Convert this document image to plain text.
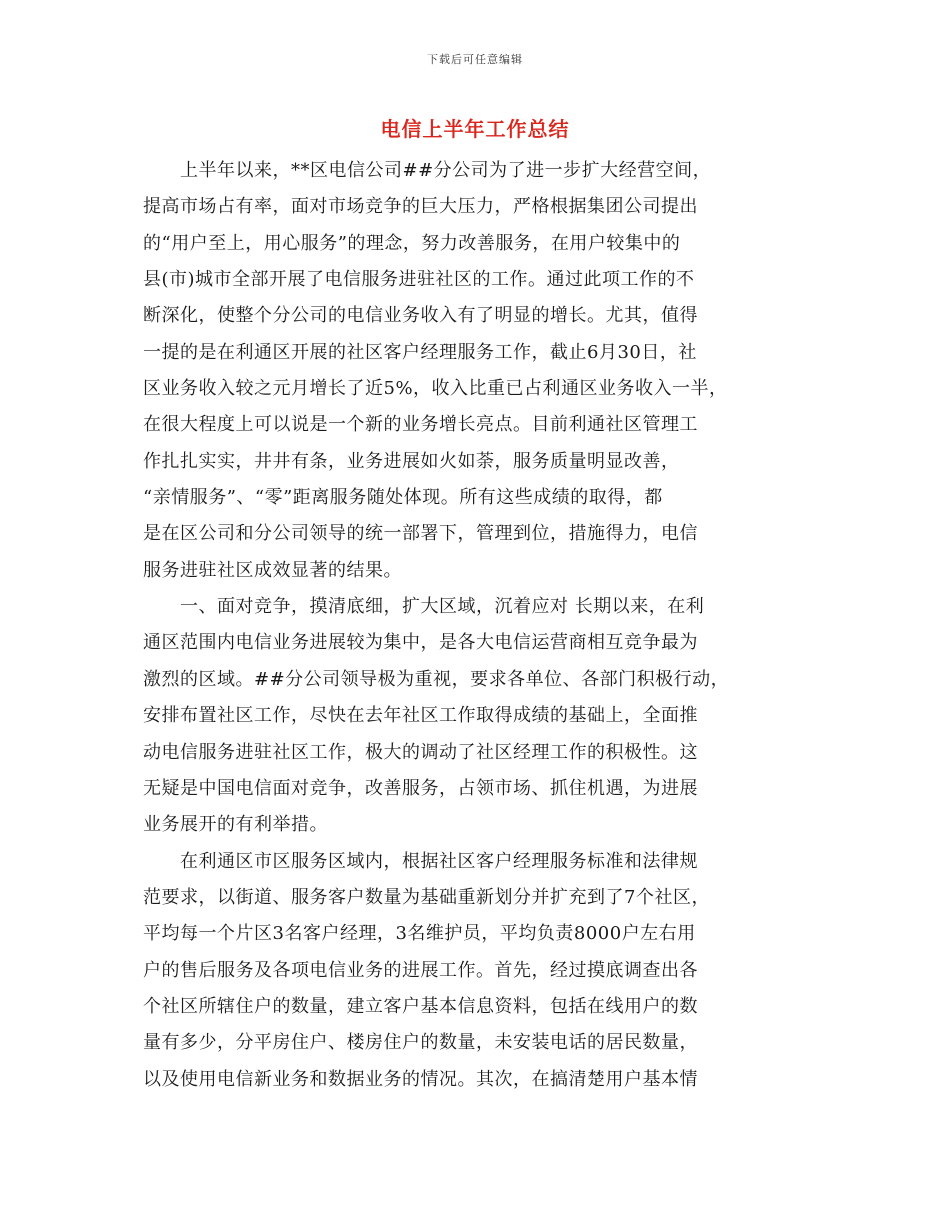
下载后可任意编辑
电信上半年工作总结
　　上半年以来，**区电信公司##分公司为了进一步扩大经营空间，
提高市场占有率，面对市场竞争的巨大压力，严格根据集团公司提出
的“用户至上，用心服务”的理念，努力改善服务，在用户较集中的
县(市)城市全部开展了电信服务进驻社区的工作。通过此项工作的不
断深化，使整个分公司的电信业务收入有了明显的增长。尤其，值得
一提的是在利通区开展的社区客户经理服务工作，截止6月30日，社
区业务收入较之元月增长了近5%，收入比重已占利通区业务收入一半，
在很大程度上可以说是一个新的业务增长亮点。目前利通社区管理工
作扎扎实实，井井有条，业务进展如火如荼，服务质量明显改善，
“亲情服务”、“零”距离服务随处体现。所有这些成绩的取得，都
是在区公司和分公司领导的统一部署下，管理到位，措施得力，电信
服务进驻社区成效显著的结果。
　　一、面对竞争，摸清底细，扩大区域，沉着应对 长期以来，在利
通区范围内电信业务进展较为集中，是各大电信运营商相互竞争最为
激烈的区域。##分公司领导极为重视，要求各单位、各部门积极行动，
安排布置社区工作，尽快在去年社区工作取得成绩的基础上，全面推
动电信服务进驻社区工作，极大的调动了社区经理工作的积极性。这
无疑是中国电信面对竞争，改善服务，占领市场、抓住机遇，为进展
业务展开的有利举措。
　　在利通区市区服务区域内，根据社区客户经理服务标准和法律规
范要求，以街道、服务客户数量为基础重新划分并扩充到了7个社区，
平均每一个片区3名客户经理，3名维护员，平均负责8000户左右用
户的售后服务及各项电信业务的进展工作。首先，经过摸底调查出各
个社区所辖住户的数量，建立客户基本信息资料，包括在线用户的数
量有多少，分平房住户、楼房住户的数量，未安装电话的居民数量，
以及使用电信新业务和数据业务的情况。其次，在搞清楚用户基本情
